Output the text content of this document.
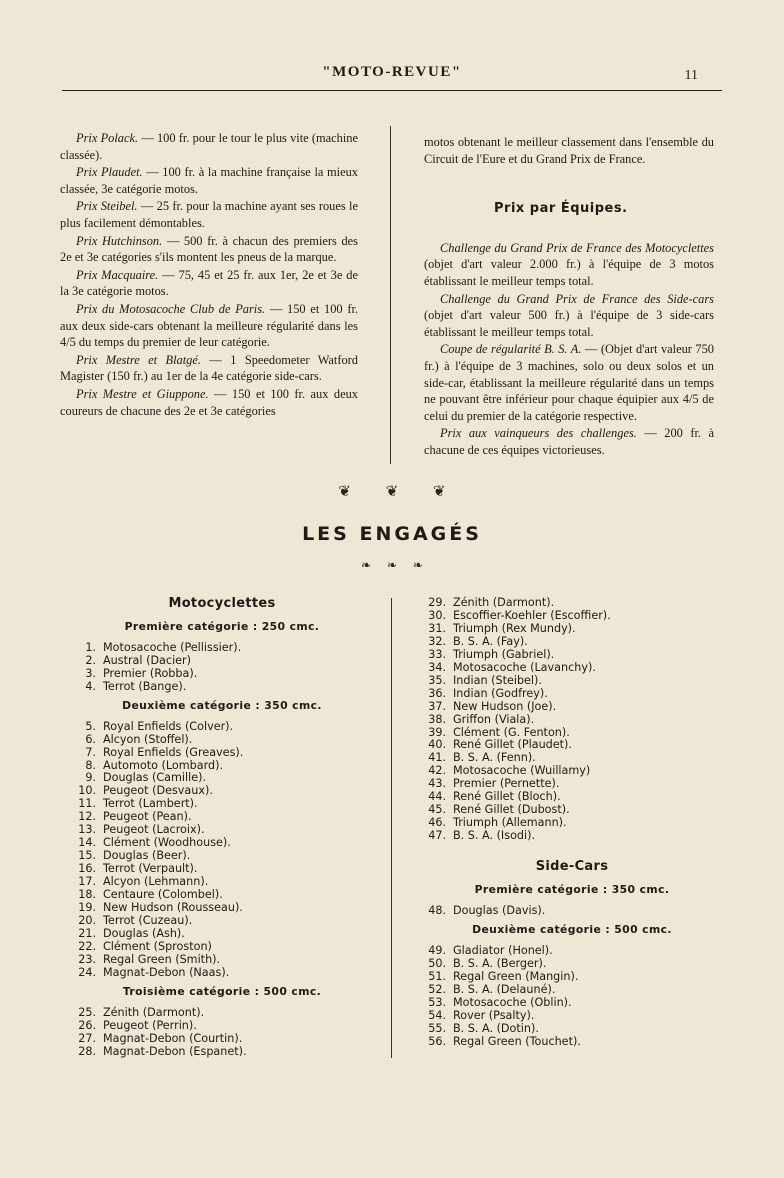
"MOTO-REVUE"	11

Prix Polack. — 100 fr. pour le tour le plus vite (machine classée).

Prix Plaudet. — 100 fr. à la machine française la mieux classée, 3e catégorie motos.

Prix Steibel. — 25 fr. pour la machine ayant ses roues le plus facilement démontables.

Prix Hutchinson. — 500 fr. à chacun des premiers des 2e et 3e catégories s'ils montent les pneus de la marque.

Prix Macquaire. — 75, 45 et 25 fr. aux 1er, 2e et 3e de la 3e catégorie motos.

Prix du Motosacoche Club de Paris. — 150 et 100 fr. aux deux side-cars obtenant la meilleure régularité dans les 4/5 du temps du premier de leur catégorie.

Prix Mestre et Blatgé. — 1 Speedometer Watford Magister (150 fr.) au 1er de la 4e catégorie side-cars.

Prix Mestre et Giuppone. — 150 et 100 fr. aux deux coureurs de chacune des 2e et 3e catégories

motos obtenant le meilleur classement dans l'ensemble du Circuit de l'Eure et du Grand Prix de France.

Prix par Équipes.

Challenge du Grand Prix de France des Motocyclettes (objet d'art valeur 2.000 fr.) à l'équipe de 3 motos établissant le meilleur temps total.

Challenge du Grand Prix de France des Side-cars (objet d'art valeur 500 fr.) à l'équipe de 3 side-cars établissant le meilleur temps total.

Coupe de régularité B. S. A. — (Objet d'art valeur 750 fr.) à l'équipe de 3 machines, solo ou deux solos et un side-car, établissant la meilleure régularité dans un temps ne pouvant être inférieur pour chaque équipier aux 4/5 de celui du premier de la catégorie respective.

Prix aux vainqueurs des challenges. — 200 fr. à chacune de ces équipes victorieuses.

❦ ❦ ❦
LES ENGAGÉS
❧ ❧ ❧
Motocyclettes
Première catégorie : 250 cmc.
1. Motosacoche (Pellissier).
2. Austral (Dacier)
3. Premier (Robba).
4. Terrot (Bange).
Deuxième catégorie : 350 cmc.
5. Royal Enfields (Colver).
6. Alcyon (Stoffel).
7. Royal Enfields (Greaves).
8. Automoto (Lombard).
9. Douglas (Camille).
10. Peugeot (Desvaux).
11. Terrot (Lambert).
12. Peugeot (Pean).
13. Peugeot (Lacroix).
14. Clément (Woodhouse).
15. Douglas (Beer).
16. Terrot (Verpault).
17. Alcyon (Lehmann).
18. Centaure (Colombel).
19. New Hudson (Rousseau).
20. Terrot (Cuzeau).
21. Douglas (Ash).
22. Clément (Sproston)
23. Regal Green (Smith).
24. Magnat-Debon (Naas).
Troisième catégorie : 500 cmc.
25. Zénith (Darmont).
26. Peugeot (Perrin).
27. Magnat-Debon (Courtin).
28. Magnat-Debon (Espanet).
29. Zénith (Darmont).
30. Escoffier-Koehler (Escoffier).
31. Triumph (Rex Mundy).
32. B. S. A. (Fay).
33. Triumph (Gabriel).
34. Motosacoche (Lavanchy).
35. Indian (Steibel).
36. Indian (Godfrey).
37. New Hudson (Joe).
38. Griffon (Viala).
39. Clément (G. Fenton).
40. René Gillet (Plaudet).
41. B. S. A. (Fenn).
42. Motosacoche (Wuillamy)
43. Premier (Pernette).
44. René Gillet (Bloch).
45. René Gillet (Dubost).
46. Triumph (Allemann).
47. B. S. A. (Isodi).
Side-Cars
Première catégorie : 350 cmc.
48. Douglas (Davis).
Deuxième catégorie : 500 cmc.
49. Gladiator (Honel).
50. B. S. A. (Berger).
51. Regal Green (Mangin).
52. B. S. A. (Delauné).
53. Motosacoche (Oblin).
54. Rover (Psalty).
55. B. S. A. (Dotin).
56. Regal Green (Touchet).
